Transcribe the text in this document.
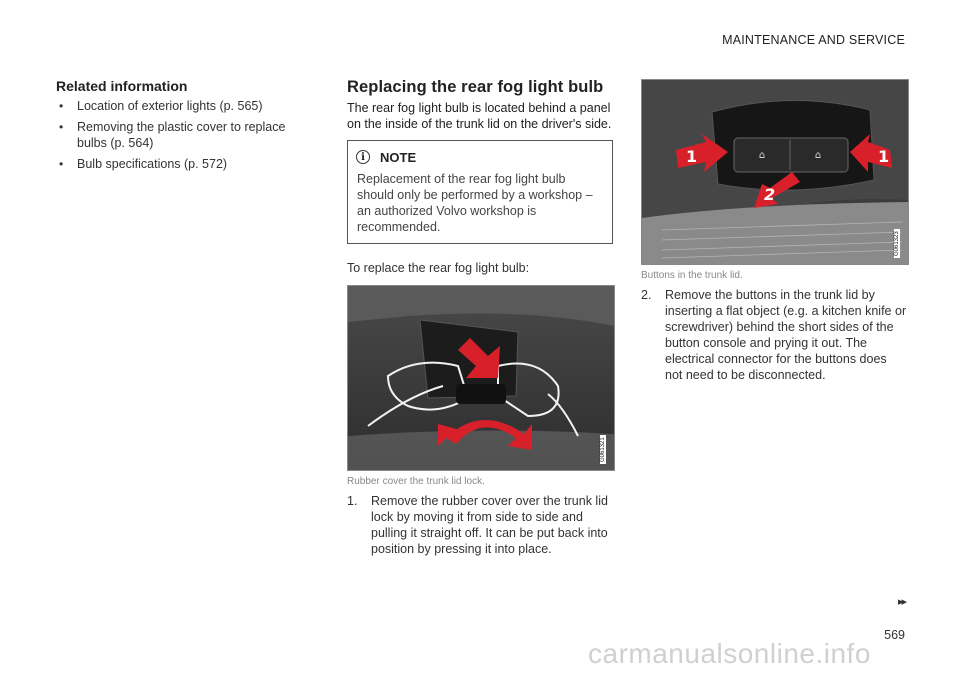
MAINTENANCE AND SERVICE
Related information
• Location of exterior lights (p. 565)
• Removing the plastic cover to replace bulbs (p. 564)
• Bulb specifications (p. 572)
Replacing the rear fog light bulb

The rear fog light bulb is located behind a panel on the inside of the trunk lid on the driver's side.

i	NOTE
Replacement of the rear fog light bulb should only be performed by a workshop – an authorized Volvo workshop is recommended.

To replace the rear fog light bulb:

G061321

Rubber cover the trunk lid lock.

1.	Remove the rubber cover over the trunk lid lock by moving it from side to side and pulling it straight off. It can be put back into position by pressing it into place.
⌂	⌂
1	1
2
G061323

Buttons in the trunk lid.

2.	Remove the buttons in the trunk lid by inserting a flat object (e.g. a kitchen knife or screwdriver) behind the short sides of the button console and prying it out. The electrical connector for the buttons does not need to be disconnected.
▸▸
569
carmanualsonline.info
